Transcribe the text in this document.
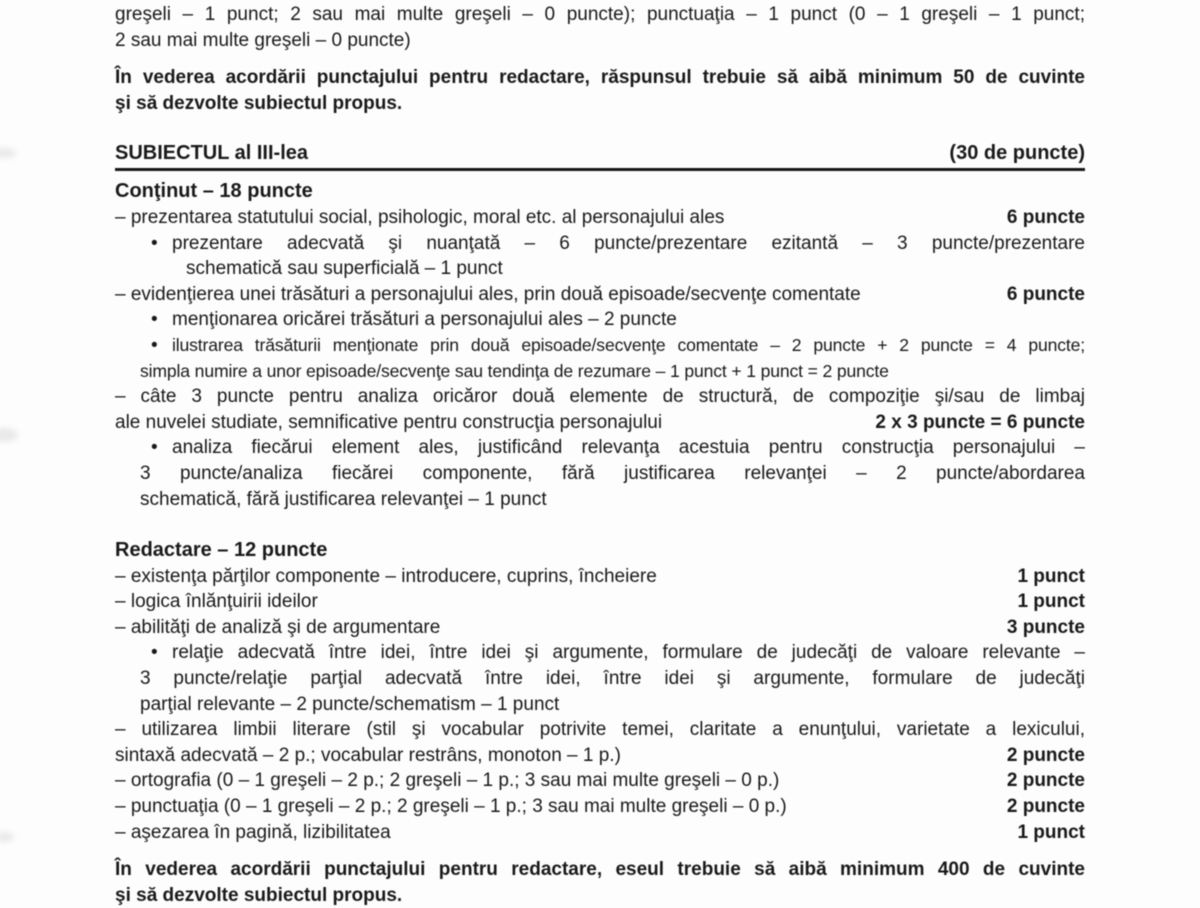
greşeli – 1 punct; 2 sau mai multe greşeli – 0 puncte); punctuaţia – 1 punct (0 – 1 greşeli – 1 punct;
2 sau mai multe greşeli – 0 puncte)
În vederea acordării punctajului pentru redactare, răspunsul trebuie să aibă minimum 50 de cuvinte
şi să dezvolte subiectul propus.
SUBIECTUL al III-lea	(30 de puncte)
Conţinut – 18 puncte
– prezentarea statutului social, psihologic, moral etc. al personajului ales	6 puncte
• prezentare adecvată şi nuanţată – 6 puncte/prezentare ezitantă – 3 puncte/prezentare
schematică sau superficială – 1 punct
– evidenţierea unei trăsături a personajului ales, prin două episoade/secvenţe comentate	6 puncte
• menţionarea oricărei trăsături a personajului ales – 2 puncte
• ilustrarea trăsăturii menţionate prin două episoade/secvenţe comentate – 2 puncte + 2 puncte = 4 puncte;
simpla numire a unor episoade/secvenţe sau tendinţa de rezumare – 1 punct + 1 punct = 2 puncte
– câte 3 puncte pentru analiza oricăror două elemente de structură, de compoziţie şi/sau de limbaj
ale nuvelei studiate, semnificative pentru construcţia personajului	2 x 3 puncte = 6 puncte
• analiza fiecărui element ales, justificând relevanţa acestuia pentru construcţia personajului –
3 puncte/analiza fiecărei componente, fără justificarea relevanţei – 2 puncte/abordarea
schematică, fără justificarea relevanţei – 1 punct
Redactare – 12 puncte
– existenţa părţilor componente – introducere, cuprins, încheiere	1 punct
– logica înlănţuirii ideilor	1 punct
– abilităţi de analiză şi de argumentare	3 puncte
• relaţie adecvată între idei, între idei şi argumente, formulare de judecăţi de valoare relevante –
3 puncte/relaţie parţial adecvată între idei, între idei şi argumente, formulare de judecăţi
parţial relevante – 2 puncte/schematism – 1 punct
– utilizarea limbii literare (stil şi vocabular potrivite temei, claritate a enunţului, varietate a lexicului,
sintaxă adecvată – 2 p.; vocabular restrâns, monoton – 1 p.)	2 puncte
– ortografia (0 – 1 greşeli – 2 p.; 2 greşeli – 1 p.; 3 sau mai multe greşeli – 0 p.)	2 puncte
– punctuaţia (0 – 1 greşeli – 2 p.; 2 greşeli – 1 p.; 3 sau mai multe greşeli – 0 p.)	2 puncte
– aşezarea în pagină, lizibilitatea	1 punct
În vederea acordării punctajului pentru redactare, eseul trebuie să aibă minimum 400 de cuvinte
şi să dezvolte subiectul propus.
